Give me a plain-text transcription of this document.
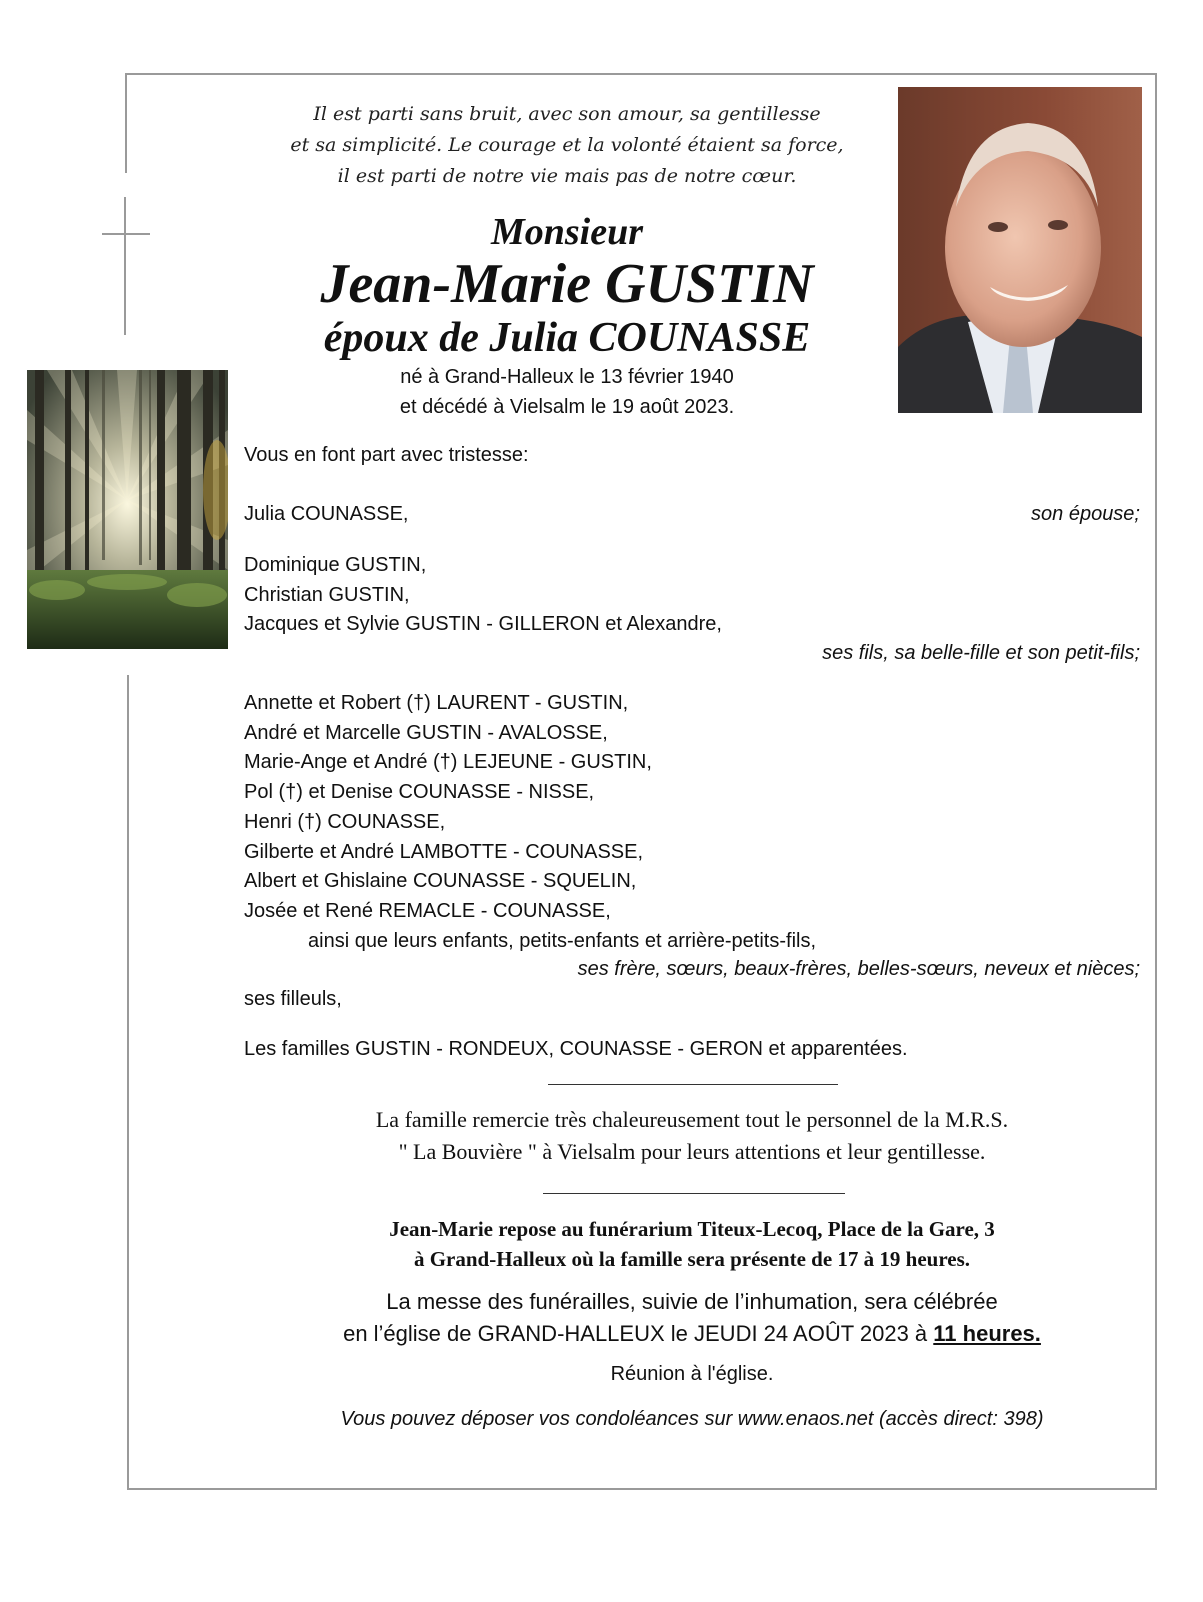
Il est parti sans bruit, avec son amour, sa gentillesse
et sa simplicité. Le courage et la volonté étaient sa force,
il est parti de notre vie mais pas de notre cœur.
Monsieur
Jean-Marie GUSTIN
époux de Julia COUNASSE
né à Grand-Halleux le 13 février 1940
et décédé à Vielsalm le 19 août 2023.
Vous en font part avec tristesse:
Julia COUNASSE,	son épouse;
Dominique GUSTIN,
Christian GUSTIN,
Jacques et Sylvie GUSTIN - GILLERON et Alexandre,
ses fils, sa belle-fille et son petit-fils;
Annette et Robert (†) LAURENT - GUSTIN,
André et Marcelle GUSTIN - AVALOSSE,
Marie-Ange et André (†) LEJEUNE - GUSTIN,
Pol (†) et Denise COUNASSE - NISSE,
Henri (†) COUNASSE,
Gilberte et André LAMBOTTE - COUNASSE,
Albert et Ghislaine COUNASSE - SQUELIN,
Josée et René REMACLE - COUNASSE,
ainsi que leurs enfants, petits-enfants et arrière-petits-fils,
ses frère, sœurs, beaux-frères, belles-sœurs, neveux et nièces;
ses filleuls,
Les familles GUSTIN - RONDEUX, COUNASSE - GERON et apparentées.
La famille remercie très chaleureusement tout le personnel de la M.R.S.
" La Bouvière " à Vielsalm pour leurs attentions et leur gentillesse.
Jean-Marie repose au funérarium Titeux-Lecoq, Place de la Gare, 3
à Grand-Halleux où la famille sera présente de 17 à 19 heures.
La messe des funérailles, suivie de l’inhumation, sera célébrée
en l’église de GRAND-HALLEUX le JEUDI 24 AOÛT 2023 à 11 heures.
Réunion à l'église.
Vous pouvez déposer vos condoléances sur www.enaos.net (accès direct: 398)
